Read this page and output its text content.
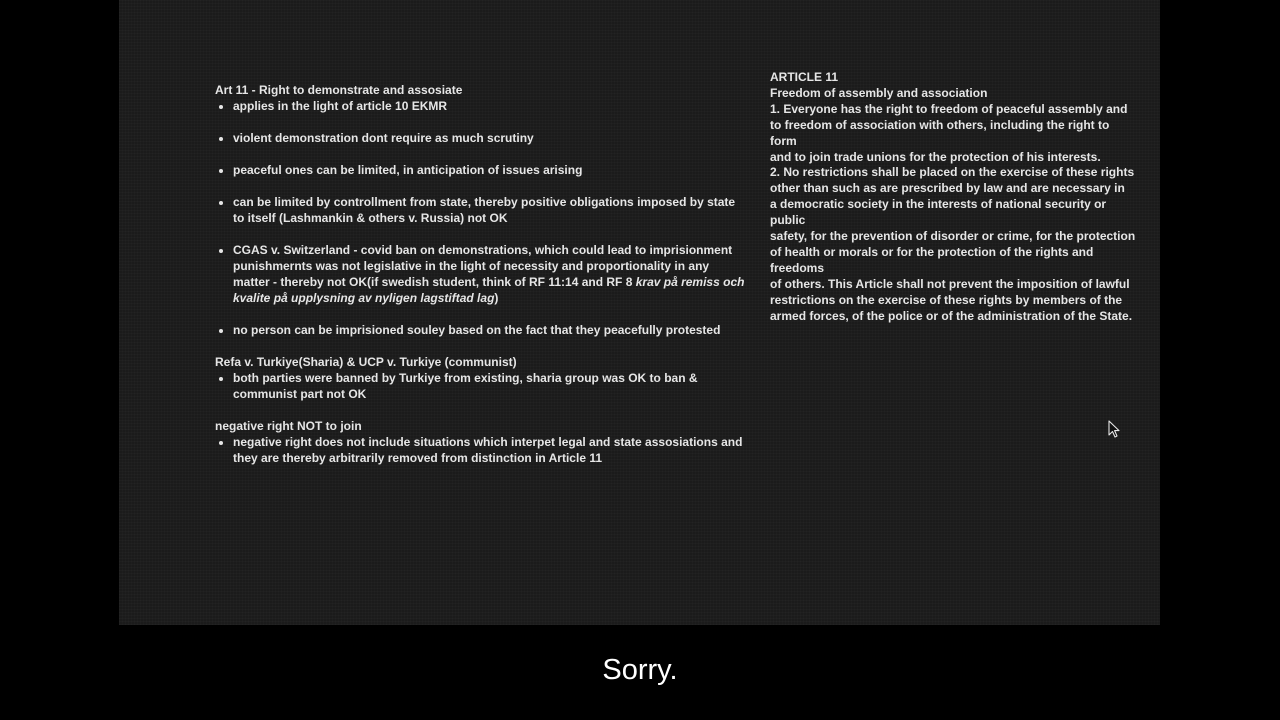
Art 11 - Right to demonstrate and assosiate
• applies in the light of article 10 EKMR
• violent demonstration dont require as much scrutiny
• peaceful ones can be limited, in anticipation of issues arising
• can be limited by controllment from state, thereby positive obligations imposed by state to itself (Lashmankin & others v. Russia) not OK
• CGAS v. Switzerland - covid ban on demonstrations, which could lead to imprisionment punishmernts was not legislative in the light of necessity and proportionality in any matter - thereby not OK(if swedish student, think of RF 11:14 and RF 8 krav på remiss och kvalite på upplysning av nyligen lagstiftad lag)
• no person can be imprisioned souley based on the fact that they peacefully protested
Refa v. Turkiye(Sharia) & UCP v. Turkiye (communist)
• both parties were banned by Turkiye from existing, sharia group was OK to ban & communist part not OK
negative right NOT to join
• negative right does not include situations which interpet legal and state assosiations and they are thereby arbitrarily removed from distinction in Article 11
ARTICLE 11
Freedom of assembly and association
1. Everyone has the right to freedom of peaceful assembly and
to freedom of association with others, including the right to
form
and to join trade unions for the protection of his interests.
2. No restrictions shall be placed on the exercise of these rights
other than such as are prescribed by law and are necessary in
a democratic society in the interests of national security or
public
safety, for the prevention of disorder or crime, for the protection
of health or morals or for the protection of the rights and
freedoms
of others. This Article shall not prevent the imposition of lawful
restrictions on the exercise of these rights by members of the
armed forces, of the police or of the administration of the State.
Sorry.
